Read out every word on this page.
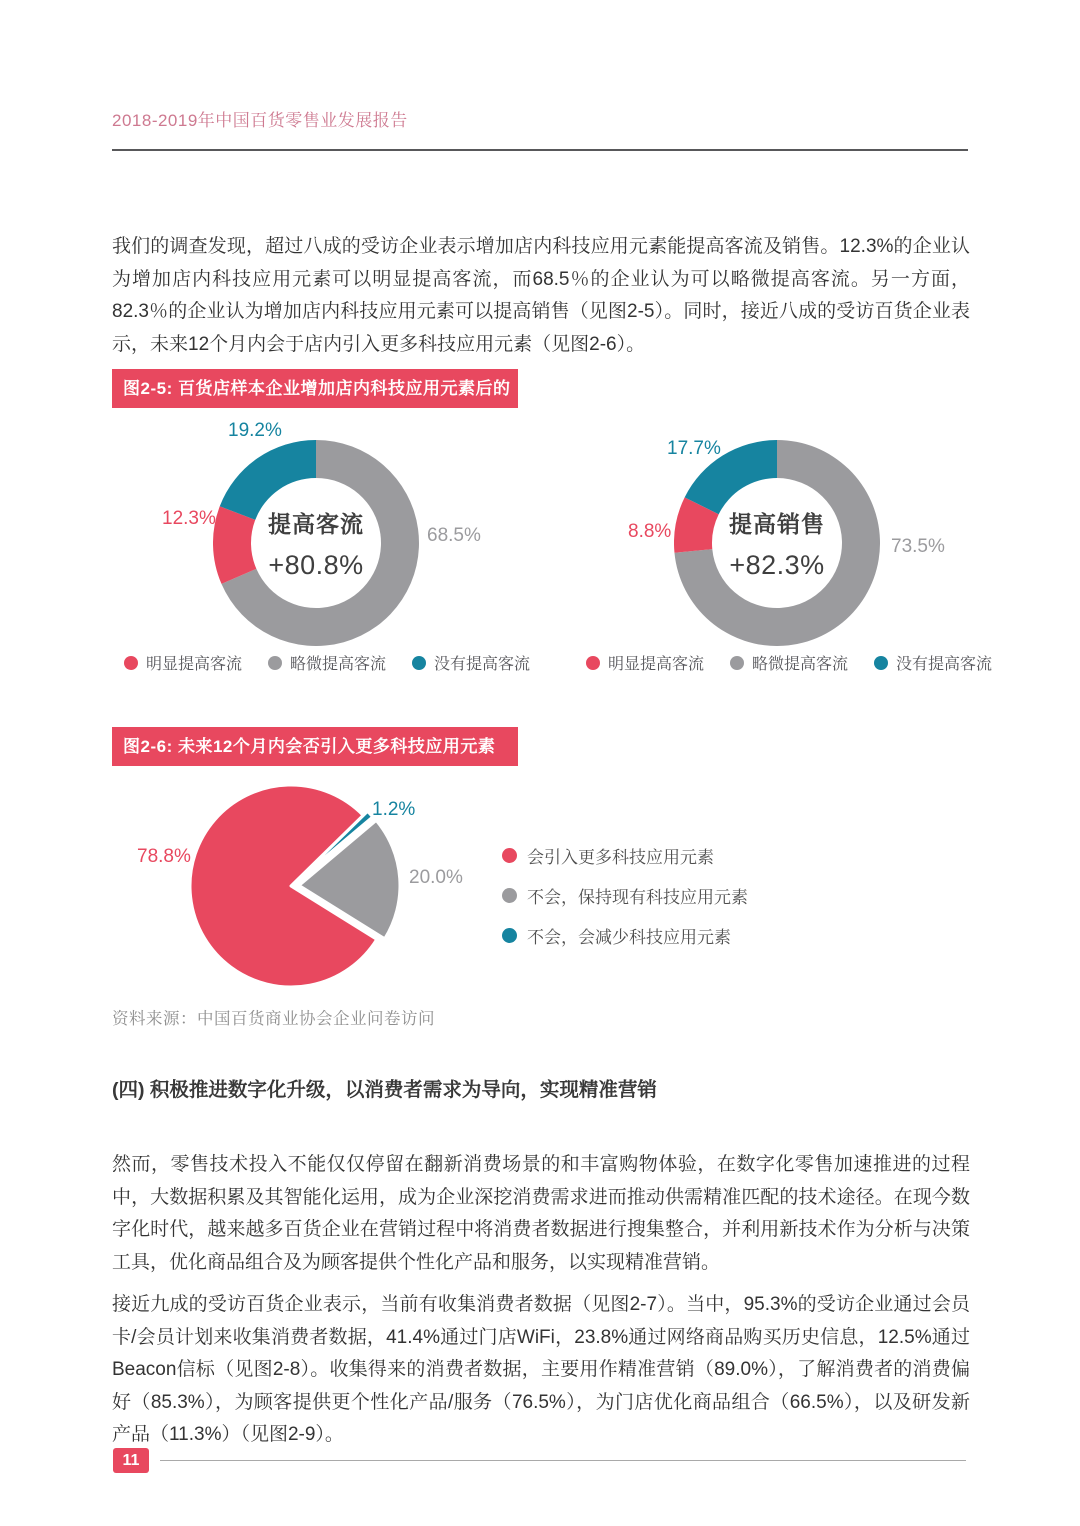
2018-2019年中国百货零售业发展报告

我们的调查发现，超过八成的受访企业表示增加店内科技应用元素能提高客流及销售。12.3%的企业认为增加店内科技应用元素可以明显提高客流，而68.5％的企业认为可以略微提高客流。另一方面，82.3％的企业认为增加店内科技应用元素可以提高销售（见图2-5）。同时，接近八成的受访百货企业表示，未来12个月内会于店内引入更多科技应用元素（见图2-6）。

图2-5: 百货店样本企业增加店内科技应用元素后的效果
提高客流
+80.8%
19.2%
12.3%
68.5%	提高销售
+82.3%
17.7%
8.8%
73.5%
明显提高客流	略微提高客流	没有提高客流	明显提高客流	略微提高客流	没有提高客流
图2-6: 未来12个月内会否引入更多科技应用元素
78.8%
1.2%
20.0%
会引入更多科技应用元素
不会，保持现有科技应用元素
不会，会减少科技应用元素
资料来源：中国百货商业协会企业问卷访问
(四) 积极推进数字化升级，以消费者需求为导向，实现精准营销

然而，零售技术投入不能仅仅停留在翻新消费场景的和丰富购物体验，在数字化零售加速推进的过程中，大数据积累及其智能化运用，成为企业深挖消费需求进而推动供需精准匹配的技术途径。在现今数字化时代，越来越多百货企业在营销过程中将消费者数据进行搜集整合，并利用新技术作为分析与决策工具，优化商品组合及为顾客提供个性化产品和服务，以实现精准营销。

接近九成的受访百货企业表示，当前有收集消费者数据（见图2-7）。当中，95.3%的受访企业通过会员卡/会员计划来收集消费者数据，41.4%通过门店WiFi，23.8%通过网络商品购买历史信息，12.5%通过Beacon信标（见图2-8）。收集得来的消费者数据，主要用作精准营销（89.0%），了解消费者的消费偏好（85.3%），为顾客提供更个性化产品/服务（76.5%），为门店优化商品组合（66.5%），以及研发新产品（11.3%）（见图2-9）。

11
